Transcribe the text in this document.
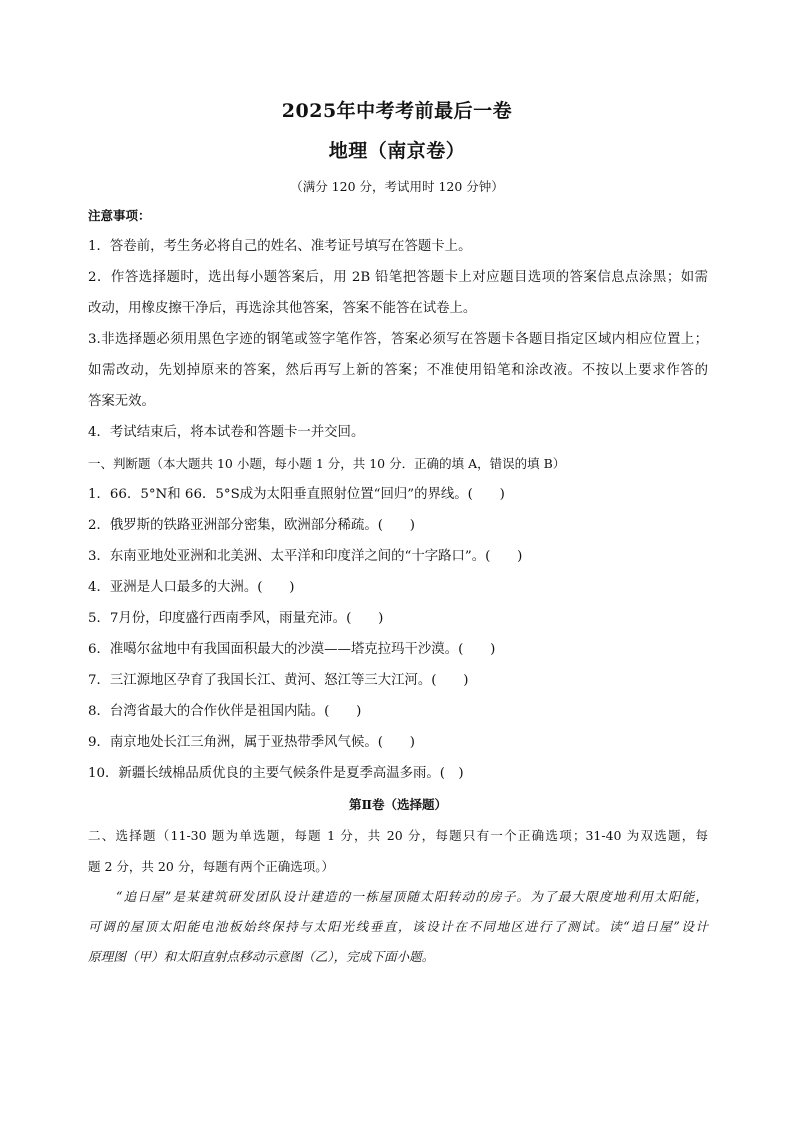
2025年中考考前最后一卷
地理（南京卷）
（满分 120 分，考试用时 120 分钟）
注意事项：
1．答卷前，考生务必将自己的姓名、准考证号填写在答题卡上。
2．作答选择题时，选出每小题答案后，用 2B 铅笔把答题卡上对应题目选项的答案信息点涂黑；如需
改动，用橡皮擦干净后，再选涂其他答案，答案不能答在试卷上。
3.非选择题必须用黑色字迹的钢笔或签字笔作答，答案必须写在答题卡各题目指定区域内相应位置上；
如需改动，先划掉原来的答案，然后再写上新的答案；不准使用铅笔和涂改液。不按以上要求作答的
答案无效。
4．考试结束后，将本试卷和答题卡一并交回。
一、判断题（本大题共 10 小题，每小题 1 分，共 10 分．正确的填 A，错误的填 B）
1．66．5°N和 66．5°S成为太阳垂直照射位置“回归”的界线。(　　)
2．俄罗斯的铁路亚洲部分密集，欧洲部分稀疏。(　　)
3．东南亚地处亚洲和北美洲、太平洋和印度洋之间的“十字路口”。(　　)
4．亚洲是人口最多的大洲。(　　)
5．7月份，印度盛行西南季风，雨量充沛。(　　)
6．准噶尔盆地中有我国面积最大的沙漠——塔克拉玛干沙漠。(　　)
7．三江源地区孕育了我国长江、黄河、怒江等三大江河。(　　)
8．台湾省最大的合作伙伴是祖国内陆。(　　)
9．南京地处长江三角洲，属于亚热带季风气候。(　　)
10．新疆长绒棉品质优良的主要气候条件是夏季高温多雨。(　)
第Ⅱ卷（选择题）
二、选择题（11-30 题为单选题，每题 1 分，共 20 分，每题只有一个正确选项；31-40 为双选题，每
题 2 分，共 20 分，每题有两个正确选项。）
“追日屋”是某建筑研发团队设计建造的一栋屋顶随太阳转动的房子。为了最大限度地利用太阳能，
可调的屋顶太阳能电池板始终保持与太阳光线垂直，该设计在不同地区进行了测试。读“追日屋”设计
原理图（甲）和太阳直射点移动示意图（乙），完成下面小题。
